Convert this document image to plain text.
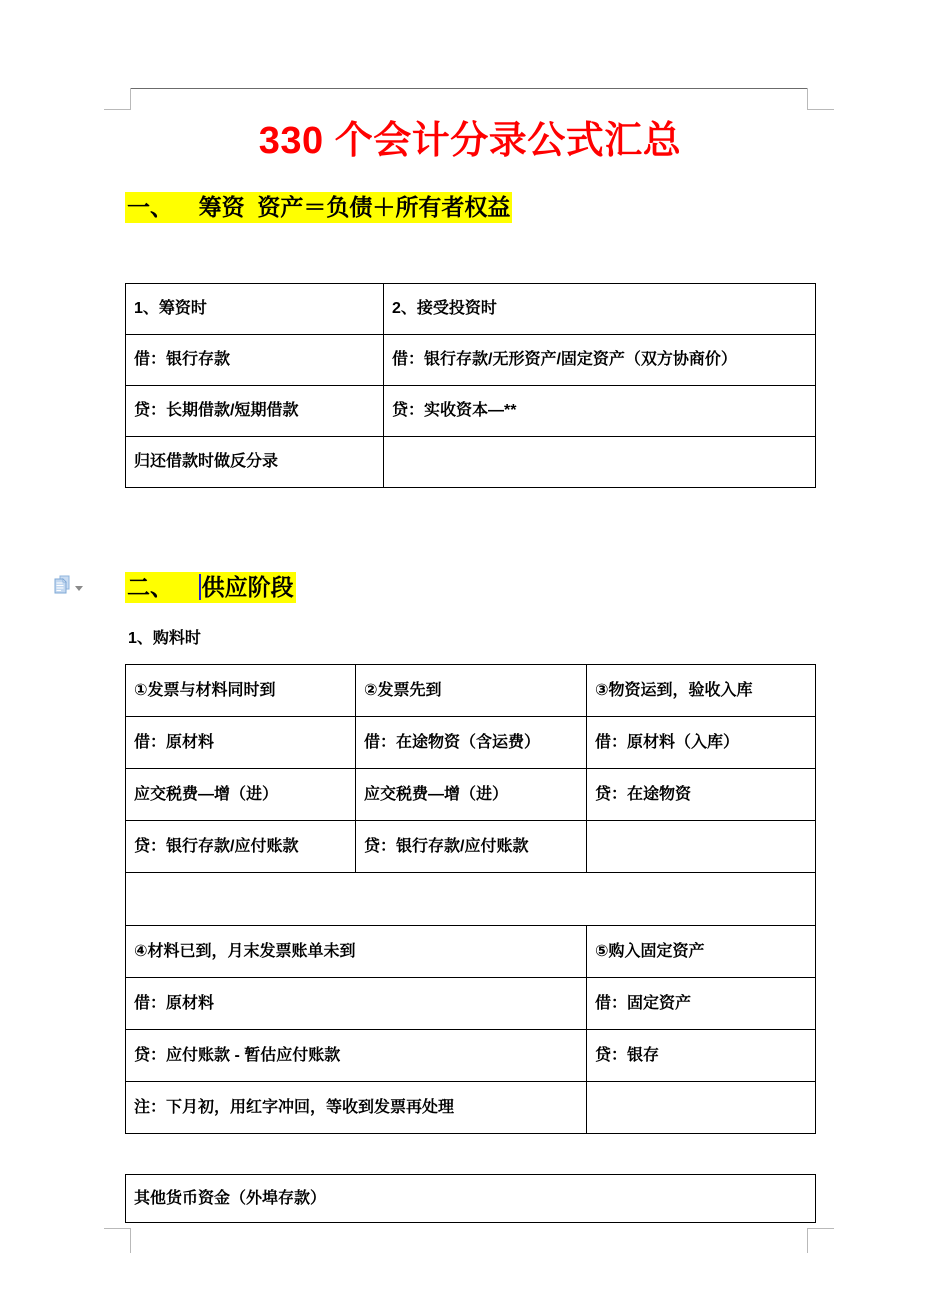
330 个会计分录公式汇总
一、 筹资  资产＝负债＋所有者权益
1、筹资时	2、接受投资时
借：银行存款	借：银行存款/无形资产/固定资产（双方协商价）
贷：长期借款/短期借款	贷：实收资本—**
归还借款时做反分录	
二、 供应阶段
1、购料时
①发票与材料同时到	②发票先到	③物资运到，验收入库
借：原材料	借：在途物资（含运费）	借：原材料（入库）
应交税费—增（进）	应交税费—增（进）	贷：在途物资
贷：银行存款/应付账款	贷：银行存款/应付账款	

④材料已到，月末发票账单未到		⑤购入固定资产
借：原材料		借：固定资产
贷：应付账款 - 暂估应付账款		贷：银存
注：下月初，用红字冲回，等收到发票再处理		
其他货币资金（外埠存款）
